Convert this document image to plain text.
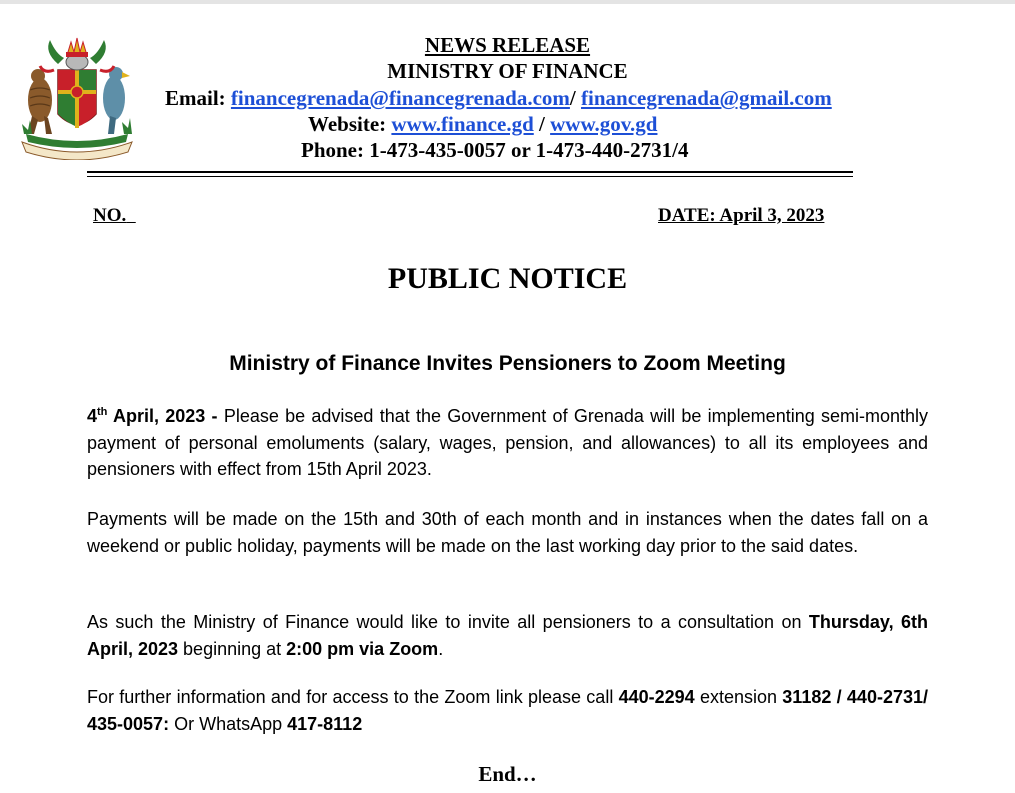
NEWS RELEASE
MINISTRY OF FINANCE
Email: financegrenada@financegrenada.com/ financegrenada@gmail.com
Website: www.finance.gd / www.gov.gd
Phone: 1-473-435-0057 or 1-473-440-2731/4
NO.	DATE: April 3, 2023
PUBLIC NOTICE
Ministry of Finance Invites Pensioners to Zoom Meeting
4th April, 2023 - Please be advised that the Government of Grenada will be implementing semi-monthly payment of personal emoluments (salary, wages, pension, and allowances) to all its employees and pensioners with effect from 15th April 2023.
Payments will be made on the 15th and 30th of each month and in instances when the dates fall on a weekend or public holiday, payments will be made on the last working day prior to the said dates.
As such the Ministry of Finance would like to invite all pensioners to a consultation on Thursday, 6th April, 2023 beginning at 2:00 pm via Zoom.
For further information and for access to the Zoom link please call 440-2294 extension 31182 / 440-2731/ 435-0057: Or WhatsApp 417-8112
End…
